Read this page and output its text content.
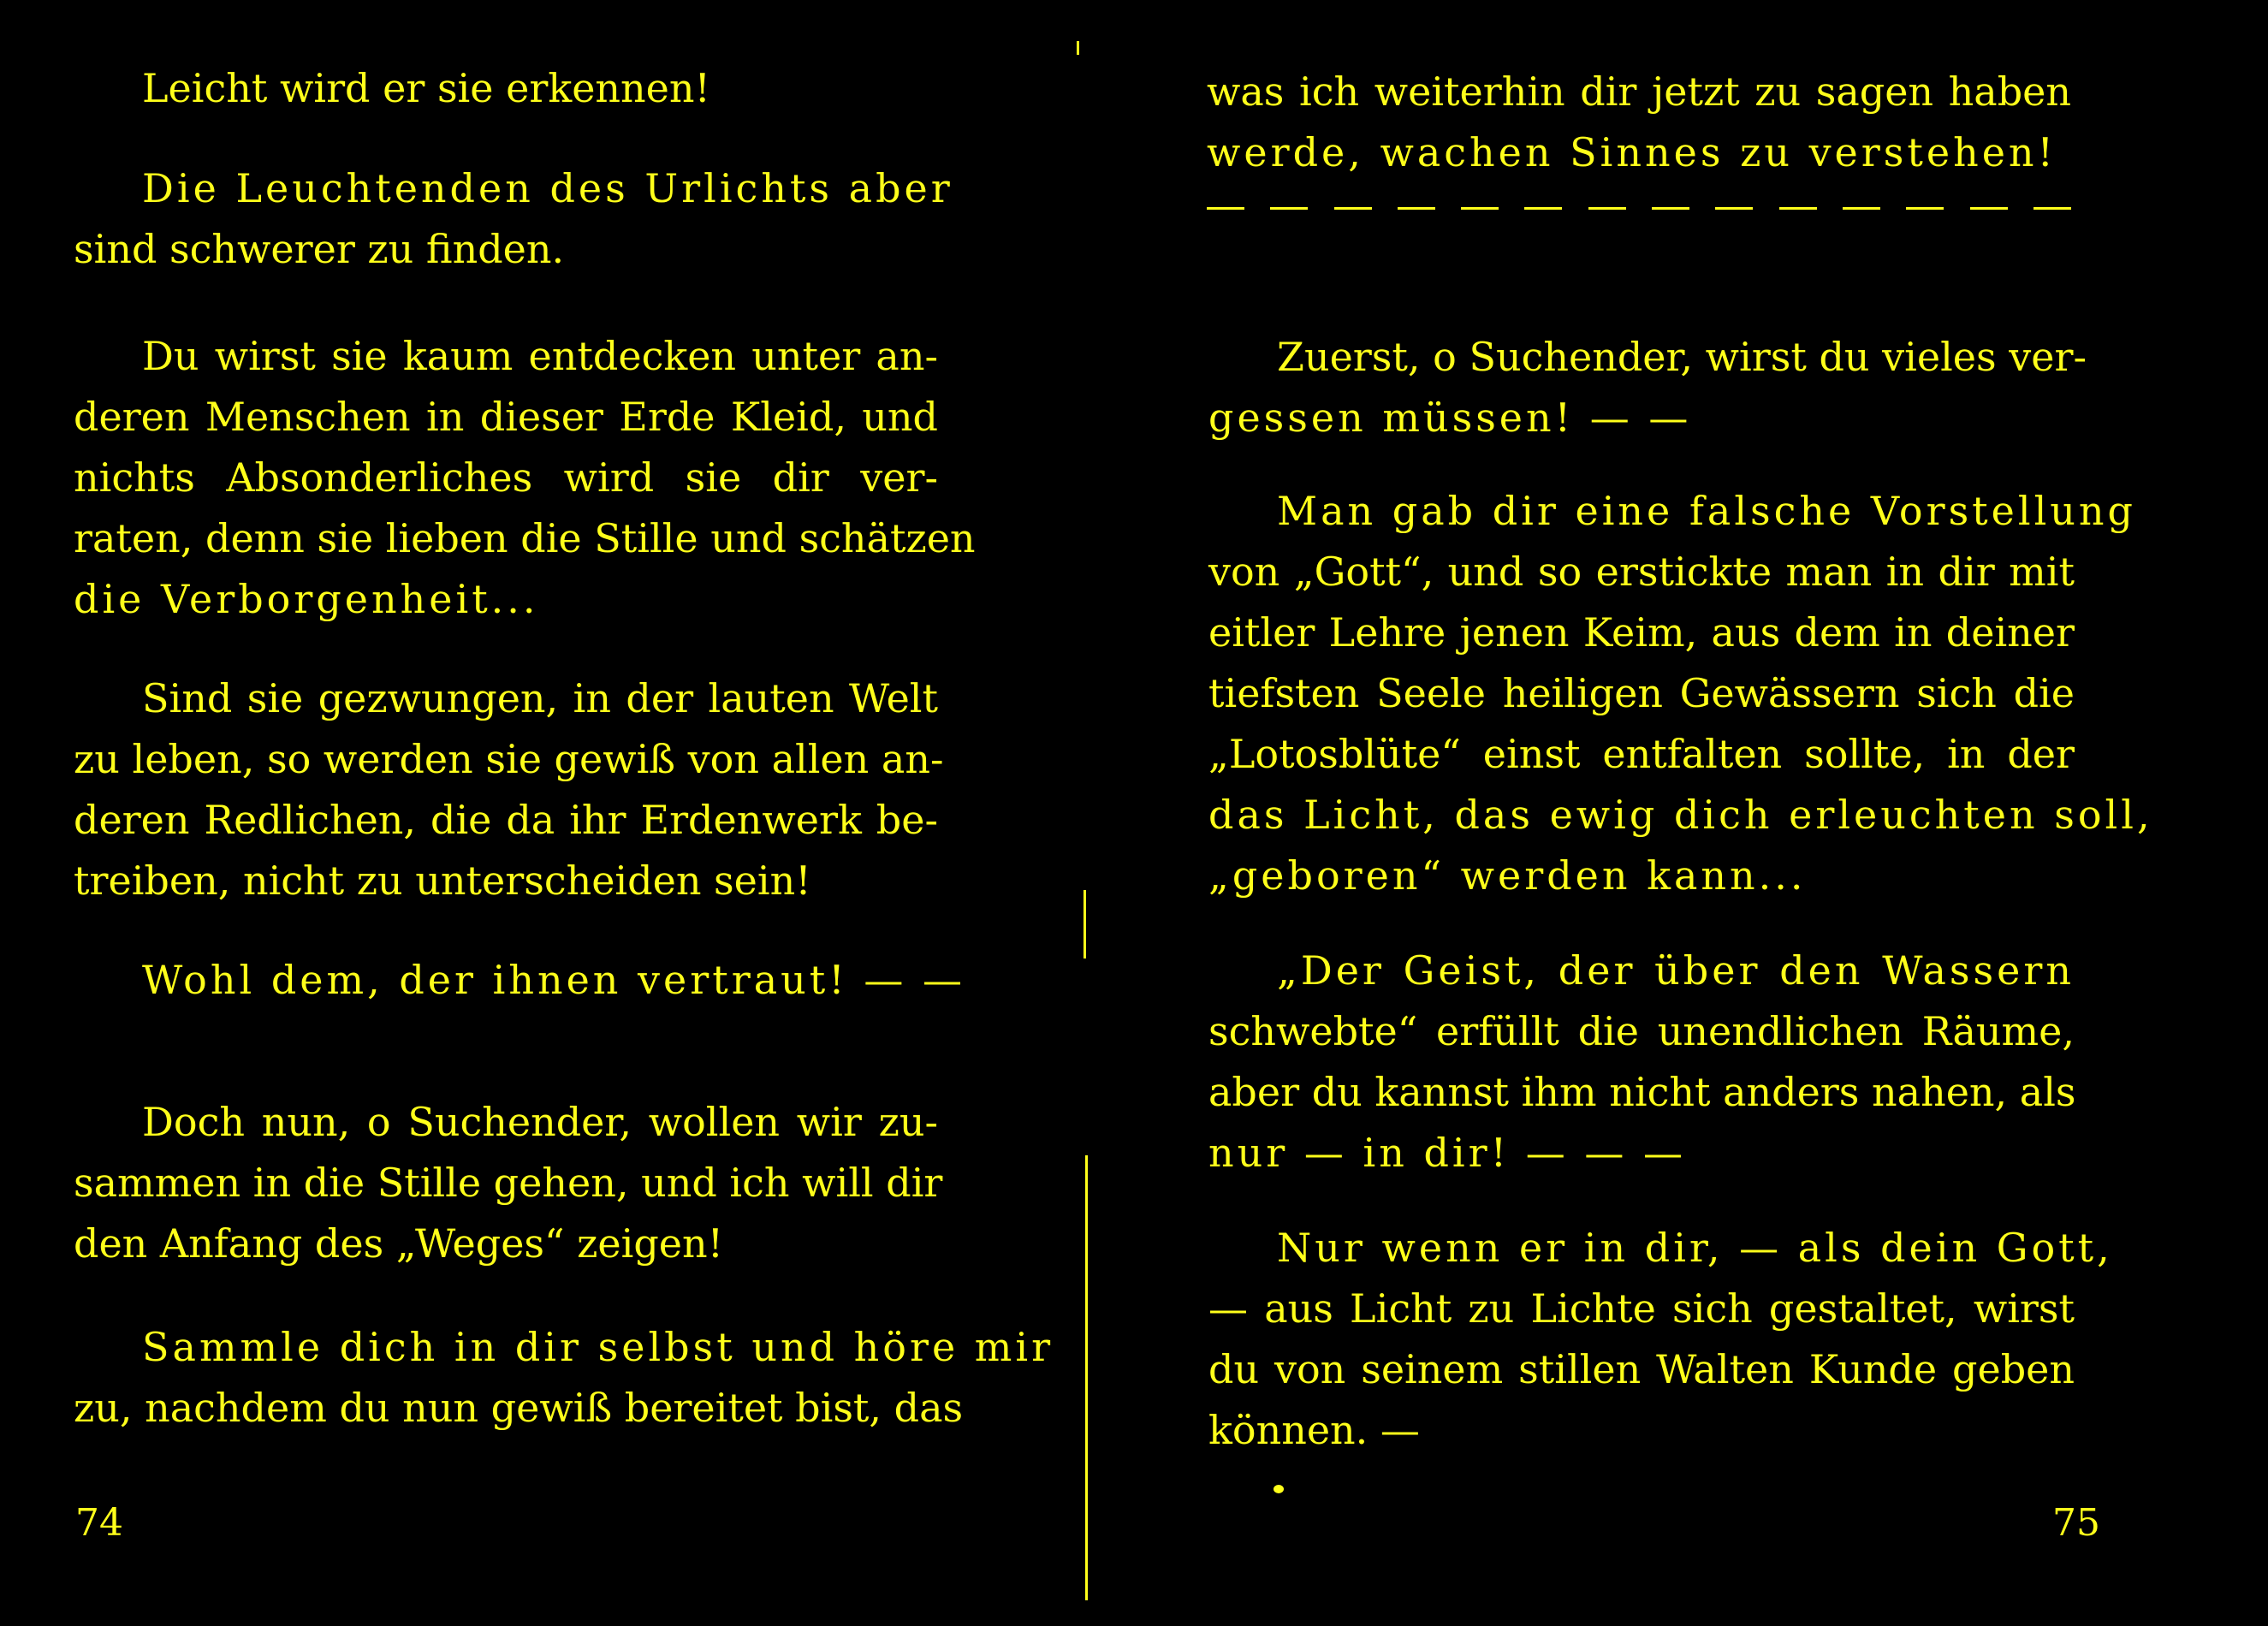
Leicht wird er sie erkennen!

Die Leuchtenden des Urlichts aber
sind schwerer zu finden.

Du wirst sie kaum entdecken unter an-
deren Menschen in dieser Erde Kleid, und
nichts Absonderliches wird sie dir ver-
raten, denn sie lieben die Stille und schätzen
die Verborgenheit...

Sind sie gezwungen, in der lauten Welt
zu leben, so werden sie gewiß von allen an-
deren Redlichen, die da ihr Erdenwerk be-
treiben, nicht zu unterscheiden sein!

Wohl dem, der ihnen vertraut! — —

Doch nun, o Suchender, wollen wir zu-
sammen in die Stille gehen, und ich will dir
den Anfang des „Weges“ zeigen!

Sammle dich in dir selbst und höre mir
zu, nachdem du nun gewiß bereitet bist, das

74

was ich weiterhin dir jetzt zu sagen haben
werde, wachen Sinnes zu verstehen!

Zuerst, o Suchender, wirst du vieles ver-
gessen müssen! — —

Man gab dir eine falsche Vorstellung
von „Gott“, und so erstickte man in dir mit
eitler Lehre jenen Keim, aus dem in deiner
tiefsten Seele heiligen Gewässern sich die
„Lotosblüte“ einst entfalten sollte, in der
das Licht, das ewig dich erleuchten soll,
„geboren“ werden kann...

„Der Geist, der über den Wassern
schwebte“ erfüllt die unendlichen Räume,
aber du kannst ihm nicht anders nahen, als
nur — in dir! — — —

Nur wenn er in dir, — als dein Gott,
— aus Licht zu Lichte sich gestaltet, wirst
du von seinem stillen Walten Kunde geben
können. —

75
